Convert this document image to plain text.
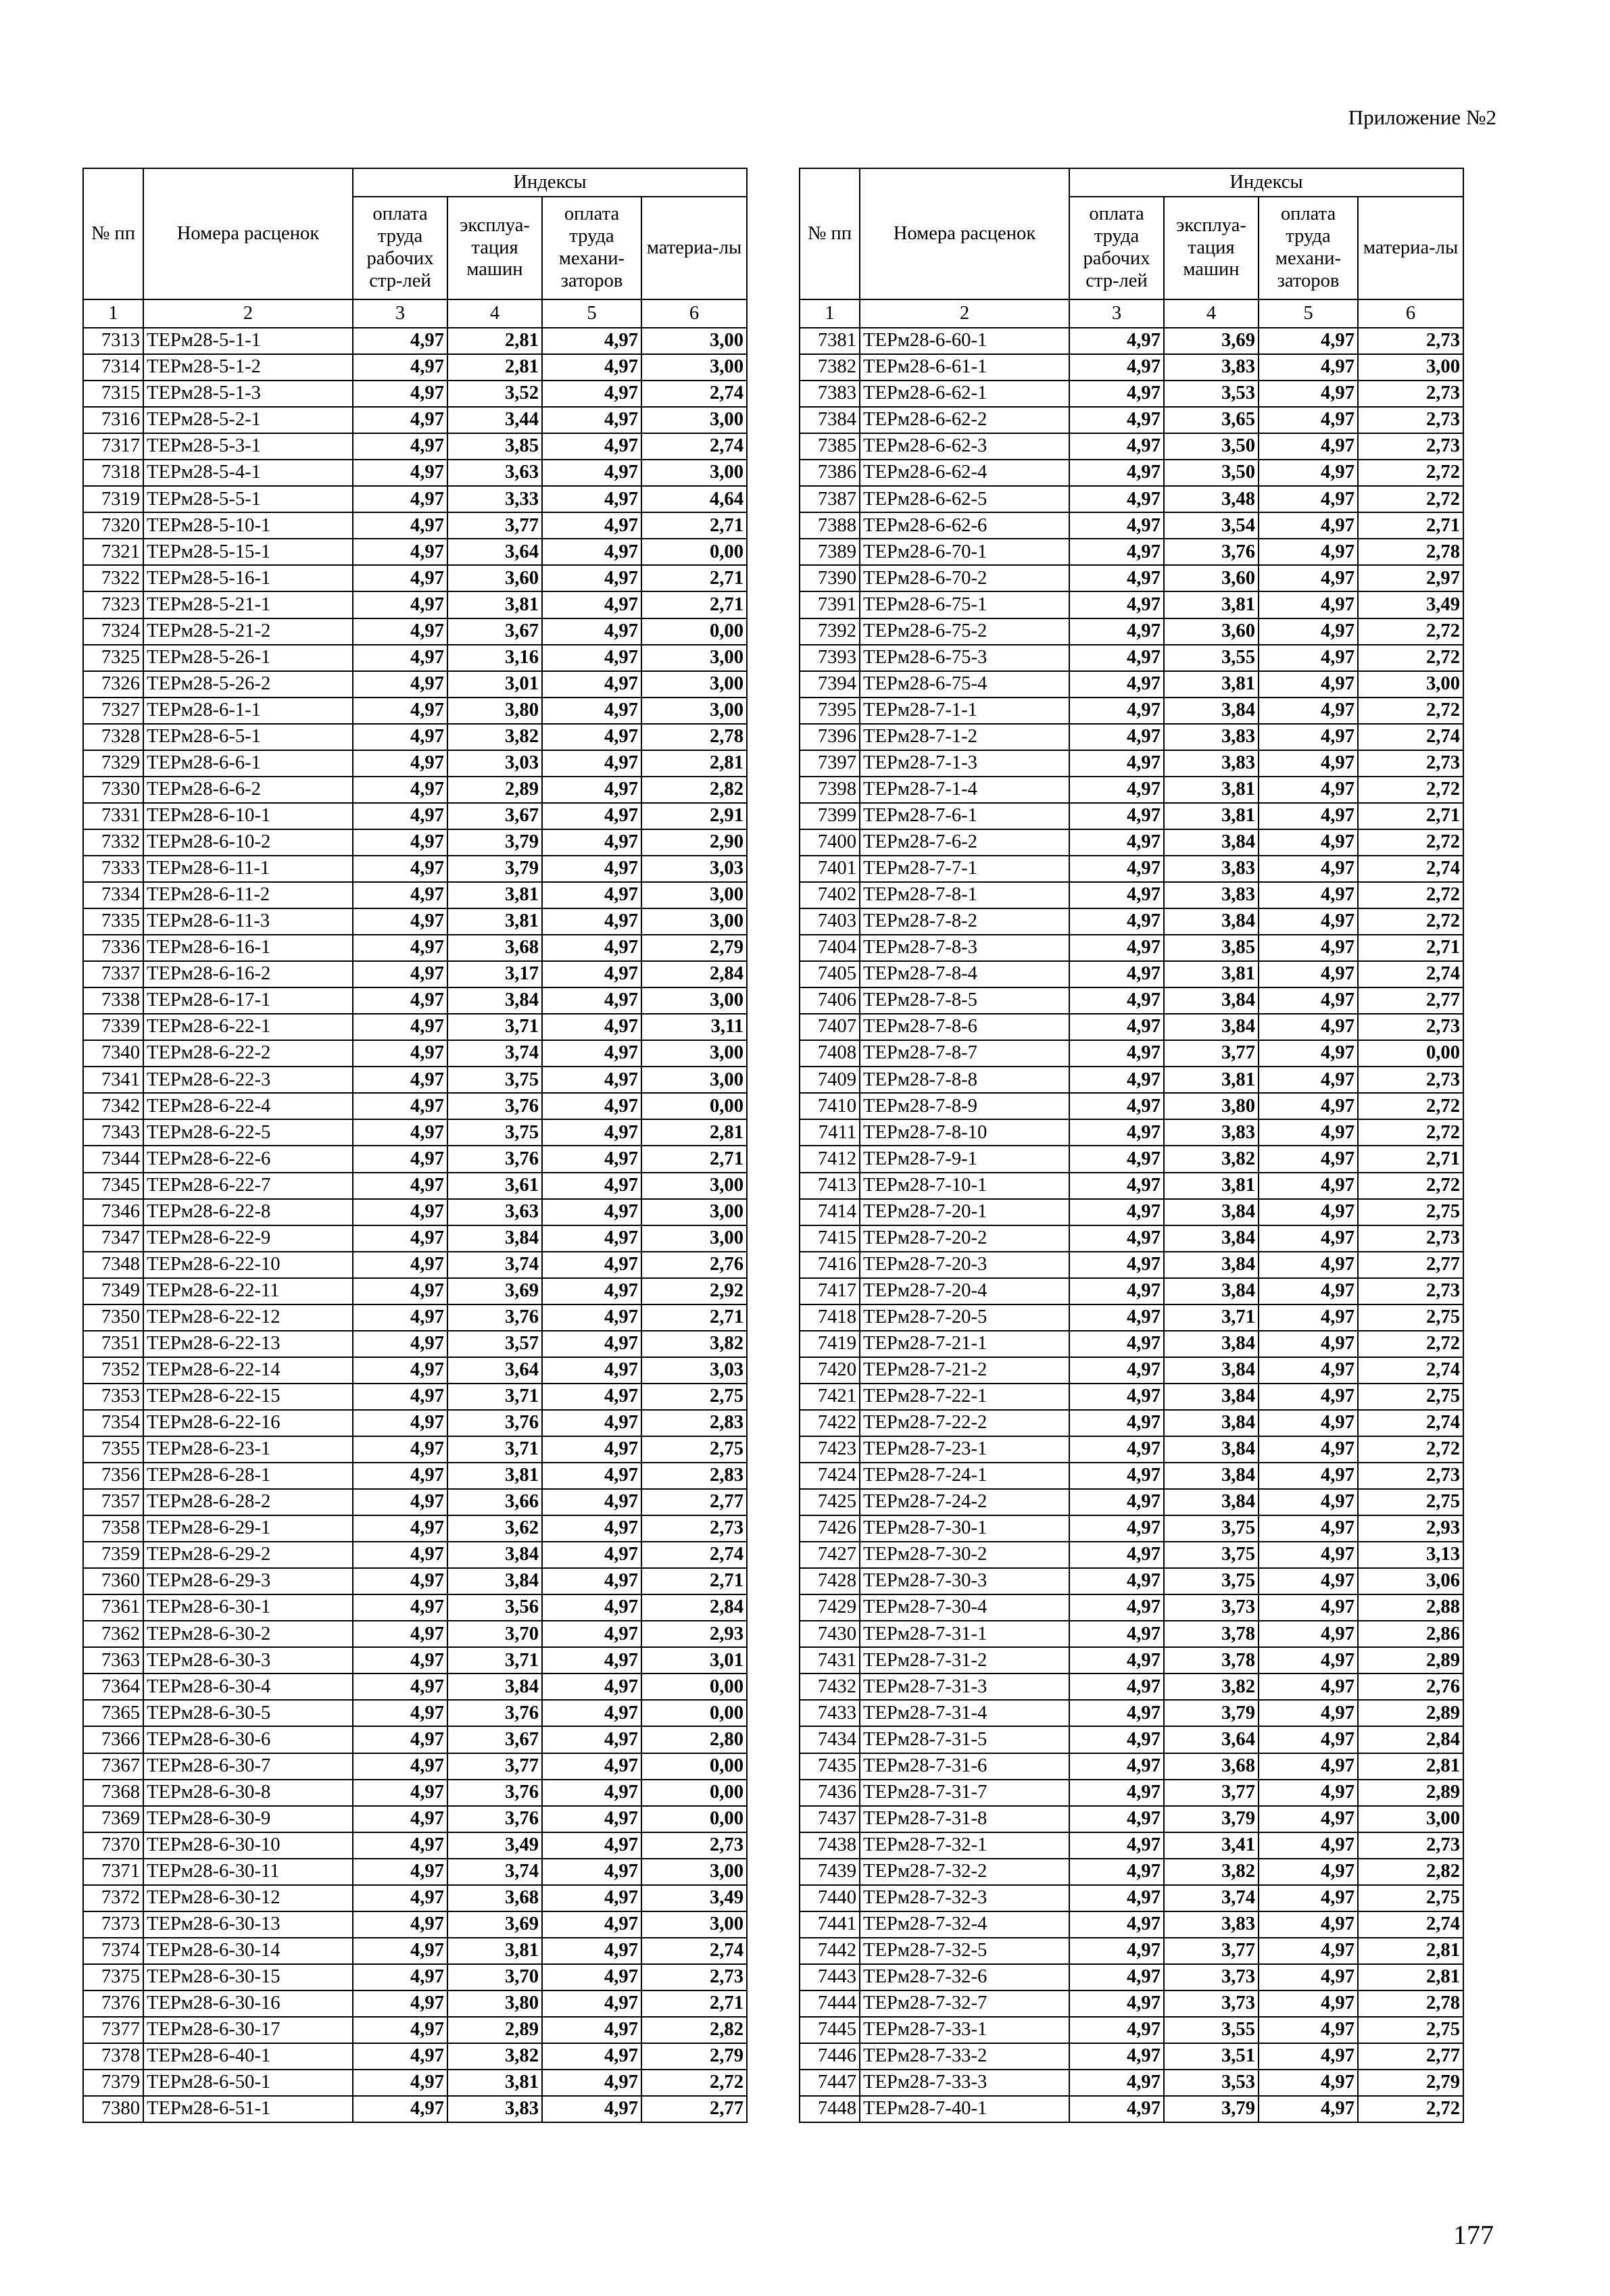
Приложение №2
№ пп	Номера расценок	Индексы			
		оплата труда рабочих стр-лей	эксплуа-тация машин	оплата труда механи-заторов	материа-лы
1	2	3	4	5	6
7313	ТЕРм28-5-1-1	4,97	2,81	4,97	3,00
7314	ТЕРм28-5-1-2	4,97	2,81	4,97	3,00
7315	ТЕРм28-5-1-3	4,97	3,52	4,97	2,74
7316	ТЕРм28-5-2-1	4,97	3,44	4,97	3,00
7317	ТЕРм28-5-3-1	4,97	3,85	4,97	2,74
7318	ТЕРм28-5-4-1	4,97	3,63	4,97	3,00
7319	ТЕРм28-5-5-1	4,97	3,33	4,97	4,64
7320	ТЕРм28-5-10-1	4,97	3,77	4,97	2,71
7321	ТЕРм28-5-15-1	4,97	3,64	4,97	0,00
7322	ТЕРм28-5-16-1	4,97	3,60	4,97	2,71
7323	ТЕРм28-5-21-1	4,97	3,81	4,97	2,71
7324	ТЕРм28-5-21-2	4,97	3,67	4,97	0,00
7325	ТЕРм28-5-26-1	4,97	3,16	4,97	3,00
7326	ТЕРм28-5-26-2	4,97	3,01	4,97	3,00
7327	ТЕРм28-6-1-1	4,97	3,80	4,97	3,00
7328	ТЕРм28-6-5-1	4,97	3,82	4,97	2,78
7329	ТЕРм28-6-6-1	4,97	3,03	4,97	2,81
7330	ТЕРм28-6-6-2	4,97	2,89	4,97	2,82
7331	ТЕРм28-6-10-1	4,97	3,67	4,97	2,91
7332	ТЕРм28-6-10-2	4,97	3,79	4,97	2,90
7333	ТЕРм28-6-11-1	4,97	3,79	4,97	3,03
7334	ТЕРм28-6-11-2	4,97	3,81	4,97	3,00
7335	ТЕРм28-6-11-3	4,97	3,81	4,97	3,00
7336	ТЕРм28-6-16-1	4,97	3,68	4,97	2,79
7337	ТЕРм28-6-16-2	4,97	3,17	4,97	2,84
7338	ТЕРм28-6-17-1	4,97	3,84	4,97	3,00
7339	ТЕРм28-6-22-1	4,97	3,71	4,97	3,11
7340	ТЕРм28-6-22-2	4,97	3,74	4,97	3,00
7341	ТЕРм28-6-22-3	4,97	3,75	4,97	3,00
7342	ТЕРм28-6-22-4	4,97	3,76	4,97	0,00
7343	ТЕРм28-6-22-5	4,97	3,75	4,97	2,81
7344	ТЕРм28-6-22-6	4,97	3,76	4,97	2,71
7345	ТЕРм28-6-22-7	4,97	3,61	4,97	3,00
7346	ТЕРм28-6-22-8	4,97	3,63	4,97	3,00
7347	ТЕРм28-6-22-9	4,97	3,84	4,97	3,00
7348	ТЕРм28-6-22-10	4,97	3,74	4,97	2,76
7349	ТЕРм28-6-22-11	4,97	3,69	4,97	2,92
7350	ТЕРм28-6-22-12	4,97	3,76	4,97	2,71
7351	ТЕРм28-6-22-13	4,97	3,57	4,97	3,82
7352	ТЕРм28-6-22-14	4,97	3,64	4,97	3,03
7353	ТЕРм28-6-22-15	4,97	3,71	4,97	2,75
7354	ТЕРм28-6-22-16	4,97	3,76	4,97	2,83
7355	ТЕРм28-6-23-1	4,97	3,71	4,97	2,75
7356	ТЕРм28-6-28-1	4,97	3,81	4,97	2,83
7357	ТЕРм28-6-28-2	4,97	3,66	4,97	2,77
7358	ТЕРм28-6-29-1	4,97	3,62	4,97	2,73
7359	ТЕРм28-6-29-2	4,97	3,84	4,97	2,74
7360	ТЕРм28-6-29-3	4,97	3,84	4,97	2,71
7361	ТЕРм28-6-30-1	4,97	3,56	4,97	2,84
7362	ТЕРм28-6-30-2	4,97	3,70	4,97	2,93
7363	ТЕРм28-6-30-3	4,97	3,71	4,97	3,01
7364	ТЕРм28-6-30-4	4,97	3,84	4,97	0,00
7365	ТЕРм28-6-30-5	4,97	3,76	4,97	0,00
7366	ТЕРм28-6-30-6	4,97	3,67	4,97	2,80
7367	ТЕРм28-6-30-7	4,97	3,77	4,97	0,00
7368	ТЕРм28-6-30-8	4,97	3,76	4,97	0,00
7369	ТЕРм28-6-30-9	4,97	3,76	4,97	0,00
7370	ТЕРм28-6-30-10	4,97	3,49	4,97	2,73
7371	ТЕРм28-6-30-11	4,97	3,74	4,97	3,00
7372	ТЕРм28-6-30-12	4,97	3,68	4,97	3,49
7373	ТЕРм28-6-30-13	4,97	3,69	4,97	3,00
7374	ТЕРм28-6-30-14	4,97	3,81	4,97	2,74
7375	ТЕРм28-6-30-15	4,97	3,70	4,97	2,73
7376	ТЕРм28-6-30-16	4,97	3,80	4,97	2,71
7377	ТЕРм28-6-30-17	4,97	2,89	4,97	2,82
7378	ТЕРм28-6-40-1	4,97	3,82	4,97	2,79
7379	ТЕРм28-6-50-1	4,97	3,81	4,97	2,72
7380	ТЕРм28-6-51-1	4,97	3,83	4,97	2,77
№ пп	Номера расценок	Индексы			
		оплата труда рабочих стр-лей	эксплуа-тация машин	оплата труда механи-заторов	материа-лы
1	2	3	4	5	6
7381	ТЕРм28-6-60-1	4,97	3,69	4,97	2,73
7382	ТЕРм28-6-61-1	4,97	3,83	4,97	3,00
7383	ТЕРм28-6-62-1	4,97	3,53	4,97	2,73
7384	ТЕРм28-6-62-2	4,97	3,65	4,97	2,73
7385	ТЕРм28-6-62-3	4,97	3,50	4,97	2,73
7386	ТЕРм28-6-62-4	4,97	3,50	4,97	2,72
7387	ТЕРм28-6-62-5	4,97	3,48	4,97	2,72
7388	ТЕРм28-6-62-6	4,97	3,54	4,97	2,71
7389	ТЕРм28-6-70-1	4,97	3,76	4,97	2,78
7390	ТЕРм28-6-70-2	4,97	3,60	4,97	2,97
7391	ТЕРм28-6-75-1	4,97	3,81	4,97	3,49
7392	ТЕРм28-6-75-2	4,97	3,60	4,97	2,72
7393	ТЕРм28-6-75-3	4,97	3,55	4,97	2,72
7394	ТЕРм28-6-75-4	4,97	3,81	4,97	3,00
7395	ТЕРм28-7-1-1	4,97	3,84	4,97	2,72
7396	ТЕРм28-7-1-2	4,97	3,83	4,97	2,74
7397	ТЕРм28-7-1-3	4,97	3,83	4,97	2,73
7398	ТЕРм28-7-1-4	4,97	3,81	4,97	2,72
7399	ТЕРм28-7-6-1	4,97	3,81	4,97	2,71
7400	ТЕРм28-7-6-2	4,97	3,84	4,97	2,72
7401	ТЕРм28-7-7-1	4,97	3,83	4,97	2,74
7402	ТЕРм28-7-8-1	4,97	3,83	4,97	2,72
7403	ТЕРм28-7-8-2	4,97	3,84	4,97	2,72
7404	ТЕРм28-7-8-3	4,97	3,85	4,97	2,71
7405	ТЕРм28-7-8-4	4,97	3,81	4,97	2,74
7406	ТЕРм28-7-8-5	4,97	3,84	4,97	2,77
7407	ТЕРм28-7-8-6	4,97	3,84	4,97	2,73
7408	ТЕРм28-7-8-7	4,97	3,77	4,97	0,00
7409	ТЕРм28-7-8-8	4,97	3,81	4,97	2,73
7410	ТЕРм28-7-8-9	4,97	3,80	4,97	2,72
7411	ТЕРм28-7-8-10	4,97	3,83	4,97	2,72
7412	ТЕРм28-7-9-1	4,97	3,82	4,97	2,71
7413	ТЕРм28-7-10-1	4,97	3,81	4,97	2,72
7414	ТЕРм28-7-20-1	4,97	3,84	4,97	2,75
7415	ТЕРм28-7-20-2	4,97	3,84	4,97	2,73
7416	ТЕРм28-7-20-3	4,97	3,84	4,97	2,77
7417	ТЕРм28-7-20-4	4,97	3,84	4,97	2,73
7418	ТЕРм28-7-20-5	4,97	3,71	4,97	2,75
7419	ТЕРм28-7-21-1	4,97	3,84	4,97	2,72
7420	ТЕРм28-7-21-2	4,97	3,84	4,97	2,74
7421	ТЕРм28-7-22-1	4,97	3,84	4,97	2,75
7422	ТЕРм28-7-22-2	4,97	3,84	4,97	2,74
7423	ТЕРм28-7-23-1	4,97	3,84	4,97	2,72
7424	ТЕРм28-7-24-1	4,97	3,84	4,97	2,73
7425	ТЕРм28-7-24-2	4,97	3,84	4,97	2,75
7426	ТЕРм28-7-30-1	4,97	3,75	4,97	2,93
7427	ТЕРм28-7-30-2	4,97	3,75	4,97	3,13
7428	ТЕРм28-7-30-3	4,97	3,75	4,97	3,06
7429	ТЕРм28-7-30-4	4,97	3,73	4,97	2,88
7430	ТЕРм28-7-31-1	4,97	3,78	4,97	2,86
7431	ТЕРм28-7-31-2	4,97	3,78	4,97	2,89
7432	ТЕРм28-7-31-3	4,97	3,82	4,97	2,76
7433	ТЕРм28-7-31-4	4,97	3,79	4,97	2,89
7434	ТЕРм28-7-31-5	4,97	3,64	4,97	2,84
7435	ТЕРм28-7-31-6	4,97	3,68	4,97	2,81
7436	ТЕРм28-7-31-7	4,97	3,77	4,97	2,89
7437	ТЕРм28-7-31-8	4,97	3,79	4,97	3,00
7438	ТЕРм28-7-32-1	4,97	3,41	4,97	2,73
7439	ТЕРм28-7-32-2	4,97	3,82	4,97	2,82
7440	ТЕРм28-7-32-3	4,97	3,74	4,97	2,75
7441	ТЕРм28-7-32-4	4,97	3,83	4,97	2,74
7442	ТЕРм28-7-32-5	4,97	3,77	4,97	2,81
7443	ТЕРм28-7-32-6	4,97	3,73	4,97	2,81
7444	ТЕРм28-7-32-7	4,97	3,73	4,97	2,78
7445	ТЕРм28-7-33-1	4,97	3,55	4,97	2,75
7446	ТЕРм28-7-33-2	4,97	3,51	4,97	2,77
7447	ТЕРм28-7-33-3	4,97	3,53	4,97	2,79
7448	ТЕРм28-7-40-1	4,97	3,79	4,97	2,72
177
